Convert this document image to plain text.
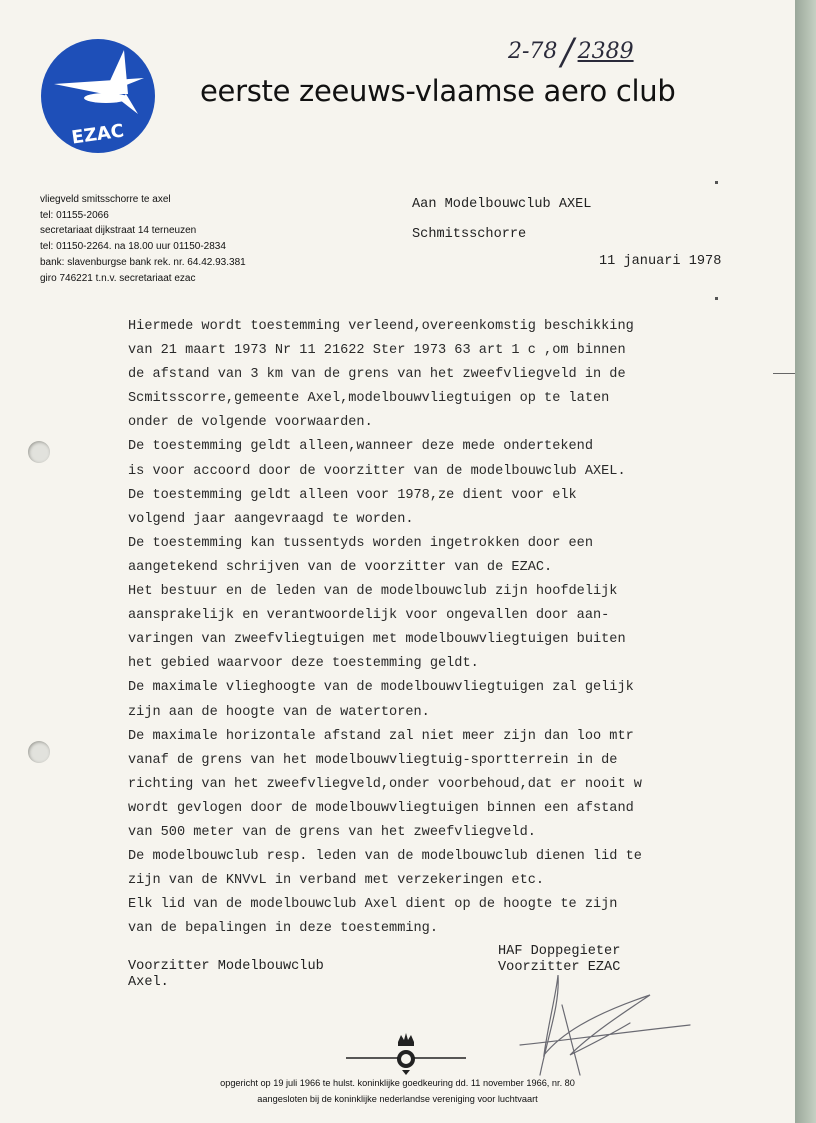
EZAC
eerste zeeuws-vlaamse aero club
2-78 / 2389
vliegveld smitsschorre te axel
tel: 01155-2066
secretariaat dijkstraat 14 terneuzen
tel: 01150-2264. na 18.00 uur 01150-2834
bank: slavenburgse bank rek. nr. 64.42.93.381
giro 746221 t.n.v. secretariaat ezac
Aan Modelbouwclub AXEL
Schmitsschorre
11 januari 1978
Hiermede wordt toestemming verleend,overeenkomstig beschikking
van 21 maart 1973 Nr 11 21622 Ster 1973 63 art 1 c ,om binnen
de afstand van 3 km van de grens van het zweefvliegveld in de
Scmitsscorre,gemeente Axel,modelbouwvliegtuigen op te laten
onder de volgende voorwaarden.
De toestemming geldt alleen,wanneer deze mede ondertekend
is voor accoord door de voorzitter van de modelbouwclub AXEL.
De toestemming geldt alleen voor 1978,ze dient voor elk
volgend jaar aangevraagd te worden.
De toestemming kan tussentyds worden ingetrokken door een
aangetekend schrijven van de voorzitter van de EZAC.
Het bestuur en de leden van de modelbouwclub zijn hoofdelijk
aansprakelijk en verantwoordelijk voor ongevallen door aan-
varingen van zweefvliegtuigen met modelbouwvliegtuigen buiten
het gebied waarvoor deze toestemming geldt.
De maximale vlieghoogte van de modelbouwvliegtuigen zal gelijk
zijn aan de hoogte van de watertoren.
De maximale horizontale afstand zal niet meer zijn dan loo mtr
vanaf de grens van het modelbouwvliegtuig-sportterrein in de
richting van het zweefvliegveld,onder voorbehoud,dat er nooit w
wordt gevlogen door de modelbouwvliegtuigen binnen een afstand
van 500 meter van de grens van het zweefvliegveld.
De modelbouwclub resp. leden van de modelbouwclub dienen lid te
zijn van de KNVvL in verband met verzekeringen etc.
Elk lid van de modelbouwclub Axel dient op de hoogte te zijn
van de bepalingen in deze toestemming.
HAF Doppegieter
Voorzitter EZAC
Voorzitter Modelbouwclub
Axel.
opgericht op 19 juli 1966 te hulst. koninklijke goedkeuring dd. 11 november 1966, nr. 80
aangesloten bij de koninklijke nederlandse vereniging voor luchtvaart
